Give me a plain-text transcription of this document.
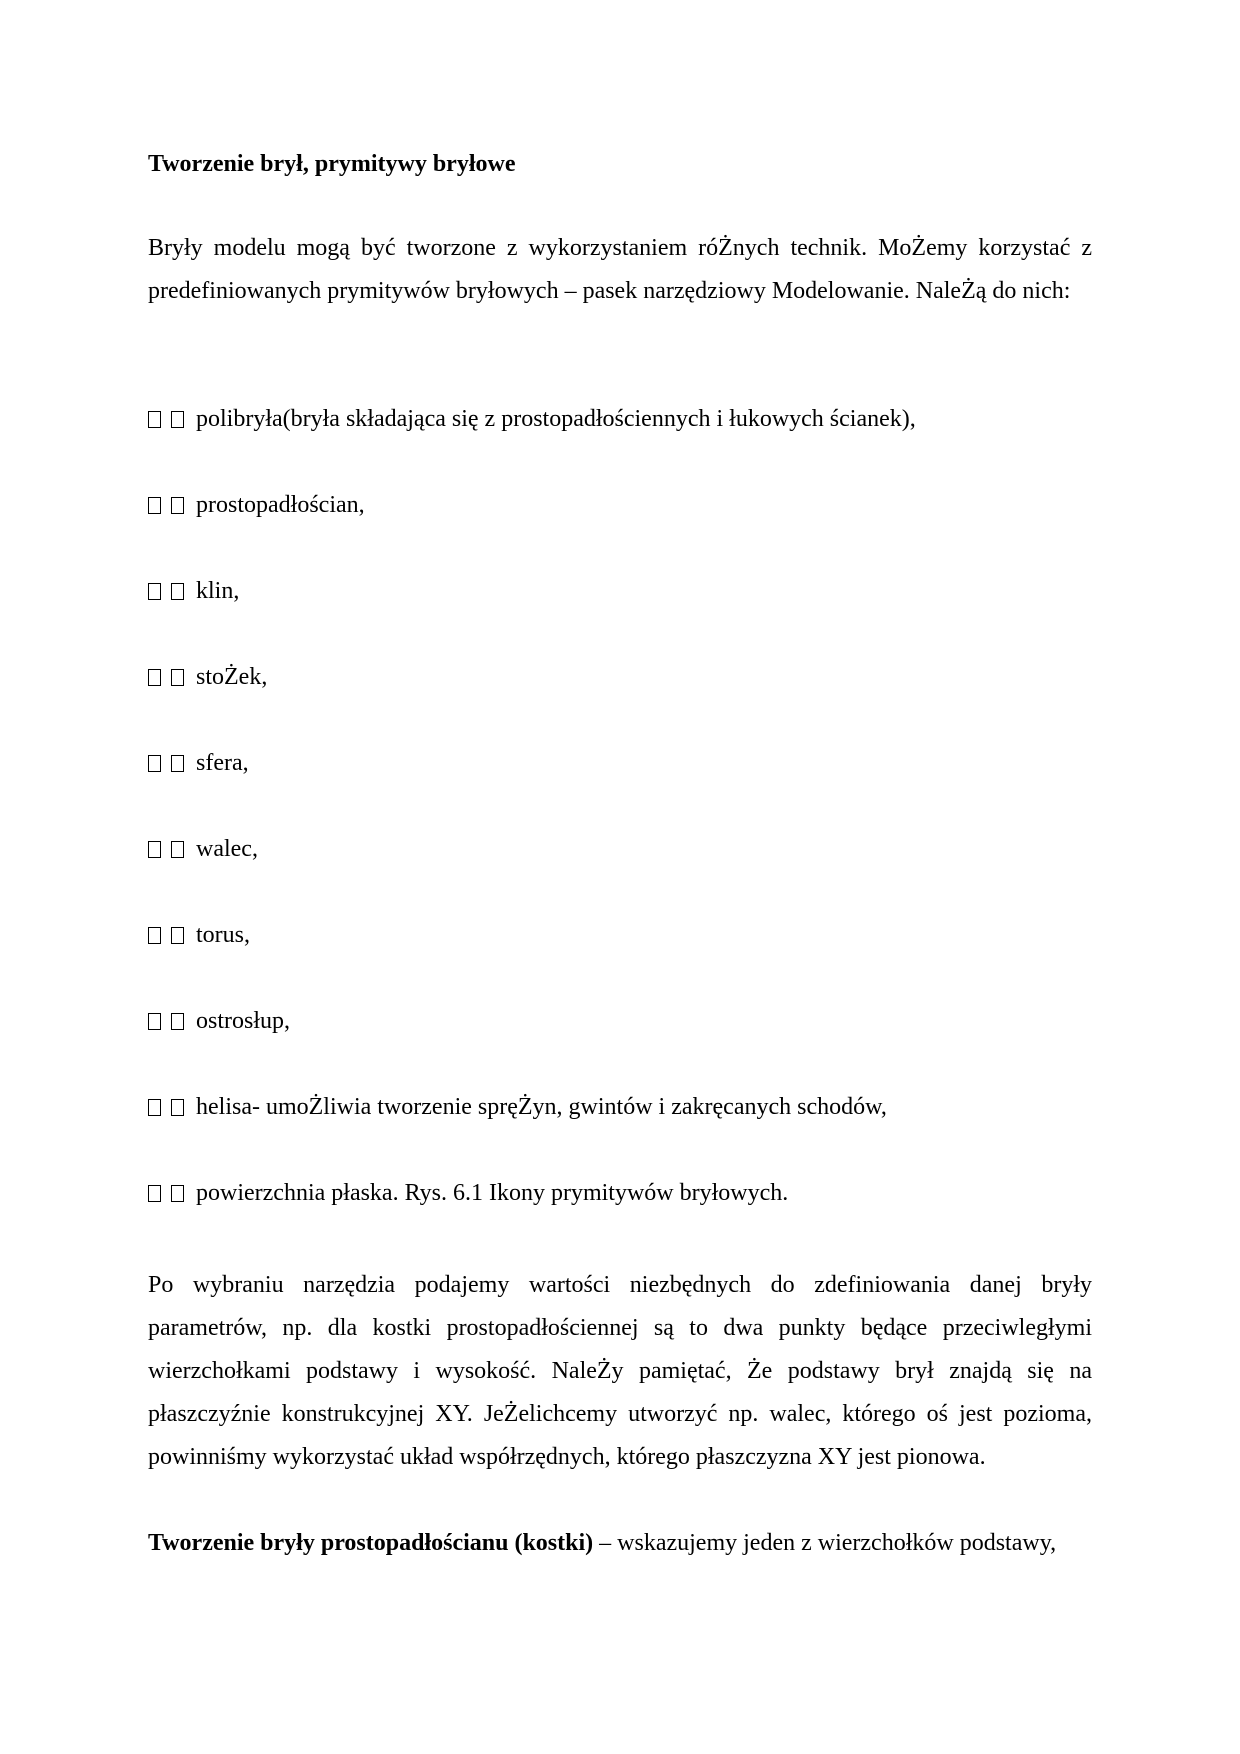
Tworzenie brył, prymitywy bryłowe

Bryły modelu mogą być tworzone z wykorzystaniem róŻnych technik. MoŻemy korzystać z predefiniowanych prymitywów bryłowych – pasek narzędziowy Modelowanie. NaleŻą do nich:

polibryła(bryła składająca się z prostopadłościennych i łukowych ścianek),
prostopadłościan,
klin,
stoŻek,
sfera,
walec,
torus,
ostrosłup,
helisa- umoŻliwia tworzenie spręŻyn, gwintów i zakręcanych schodów,
powierzchnia płaska. Rys. 6.1 Ikony prymitywów bryłowych.

Po wybraniu narzędzia podajemy wartości niezbędnych do zdefiniowania danej bryły parametrów, np. dla kostki prostopadłościennej są to dwa punkty będące przeciwległymi wierzchołkami podstawy i wysokość. NaleŻy pamiętać, Że podstawy brył znajdą się na płaszczyźnie konstrukcyjnej XY. JeŻelichcemy utworzyć np. walec, którego oś jest pozioma, powinniśmy wykorzystać układ współrzędnych, którego płaszczyzna XY jest pionowa.

Tworzenie bryły prostopadłościanu (kostki) – wskazujemy jeden z wierzchołków podstawy,
